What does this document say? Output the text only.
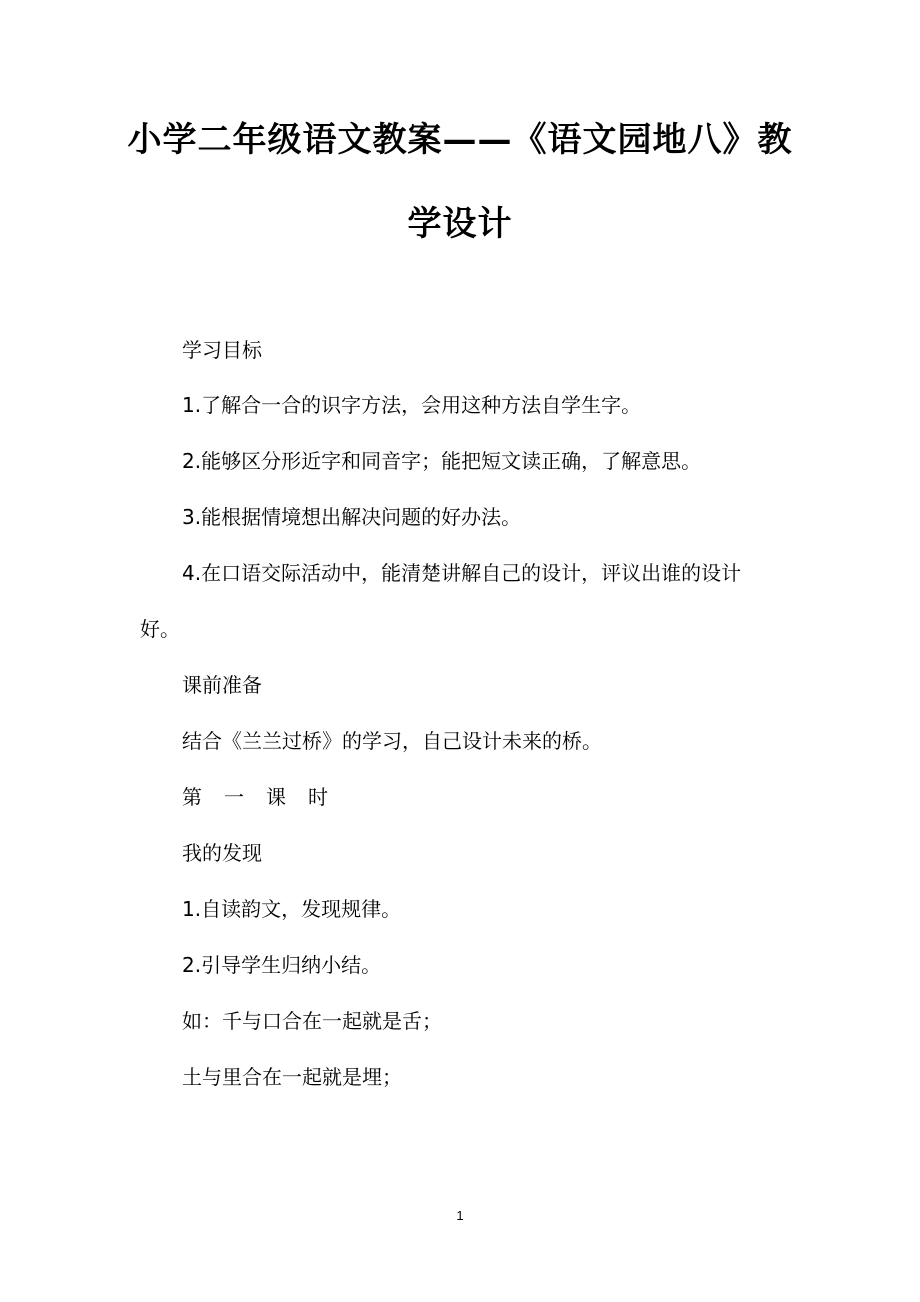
小学二年级语文教案——《语文园地八》教
学设计
学习目标
1.了解合一合的识字方法，会用这种方法自学生字。
2.能够区分形近字和同音字；能把短文读正确，了解意思。
3.能根据情境想出解决问题的好办法。
4.在口语交际活动中，能清楚讲解自己的设计，评议出谁的设计
好。
课前准备
结合《兰兰过桥》的学习，自己设计未来的桥。
第一课时
我的发现
1.自读韵文，发现规律。
2.引导学生归纳小结。
如：千与口合在一起就是舌；
土与里合在一起就是埋；
1
